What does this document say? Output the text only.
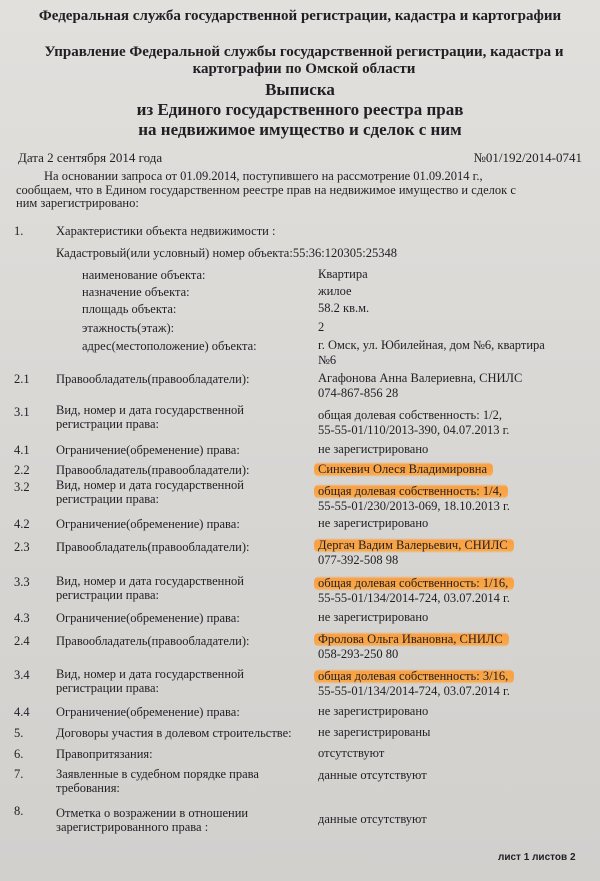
Федеральная служба государственной регистрации, кадастра и картографии
Управление Федеральной службы государственной регистрации, кадастра и
картографии по Омской области
Выписка
из Единого государственного реестра прав
на недвижимое имущество и сделок с ним
Дата 2 сентября 2014 года	№01/192/2014-0741
На основании запроса от 01.09.2014, поступившего на рассмотрение 01.09.2014 г.,
сообщаем, что в Едином государственном реестре прав на недвижимое имущество и сделок с
ним зарегистрировано:
1.	Характеристики объекта недвижимости :
Кадастровый(или условный) номер объекта:55:36:120305:25348
наименование объекта:	Квартира
назначение объекта:	жилое
площадь объекта:	58.2 кв.м.
этажность(этаж):	2
адрес(местоположение) объекта:	г. Омск, ул. Юбилейная, дом №6, квартира
№6
2.1 Правообладатель(правообладатели):	Агафонова Анна Валериевна, СНИЛС
074-867-856 28
3.1 Вид, номер и дата государственной
регистрации права:
общая долевая собственность: 1/2,
55-55-01/110/2013-390, 04.07.2013 г.
4.1 Ограничение(обременение) права:	не зарегистрировано
2.2 Правообладатель(правообладатели):	Синкевич Олеся Владимировна
3.2 Вид, номер и дата государственной
регистрации права:
общая долевая собственность: 1/4,
55-55-01/230/2013-069, 18.10.2013 г.
4.2 Ограничение(обременение) права:	не зарегистрировано
2.3 Правообладатель(правообладатели):	Дергач Вадим Валерьевич, СНИЛС
077-392-508 98
3.3 Вид, номер и дата государственной
регистрации права:
общая долевая собственность: 1/16,
55-55-01/134/2014-724, 03.07.2014 г.
4.3 Ограничение(обременение) права:	не зарегистрировано
2.4 Правообладатель(правообладатели):	Фролова Ольга Ивановна, СНИЛС
058-293-250 80
3.4 Вид, номер и дата государственной
регистрации права:
общая долевая собственность: 3/16,
55-55-01/134/2014-724, 03.07.2014 г.
4.4 Ограничение(обременение) права:	не зарегистрировано
5.	Договоры участия в долевом строительстве: не зарегистрированы
6.	Правопритязания:	отсутствуют
7.	Заявленные в судебном порядке права
требования:
данные отсутствуют
8.	Отметка о возражении в отношении
зарегистрированного права :
данные отсутствуют
лист 1 листов 2
